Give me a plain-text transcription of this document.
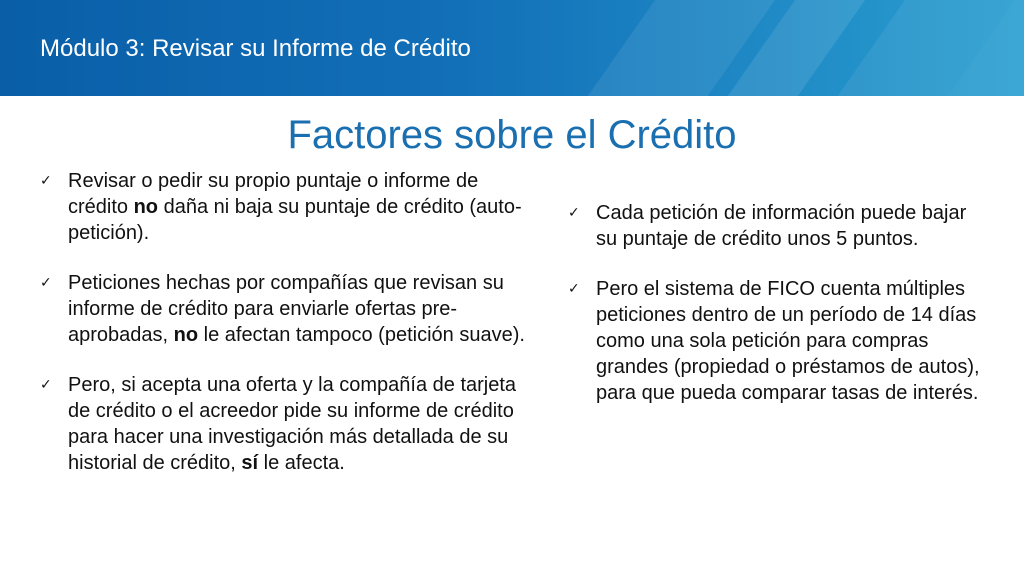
Módulo 3: Revisar su Informe de Crédito
Factores sobre el Crédito
✓ Revisar o pedir su propio puntaje o informe de crédito no daña ni baja su puntaje de crédito (auto-petición).
✓ Peticiones hechas por compañías que revisan su informe de crédito para enviarle ofertas pre-aprobadas, no le afectan tampoco (petición suave).
✓ Pero, si acepta una oferta y la compañía de tarjeta de crédito o el acreedor pide su informe de crédito para hacer una investigación más detallada de su historial de crédito, sí le afecta.
✓ Cada petición de información puede bajar su puntaje de crédito unos 5 puntos.
✓ Pero el sistema de FICO cuenta múltiples peticiones dentro de un período de 14 días como una sola petición para compras grandes (propiedad o préstamos de autos), para que pueda comparar tasas de interés.
